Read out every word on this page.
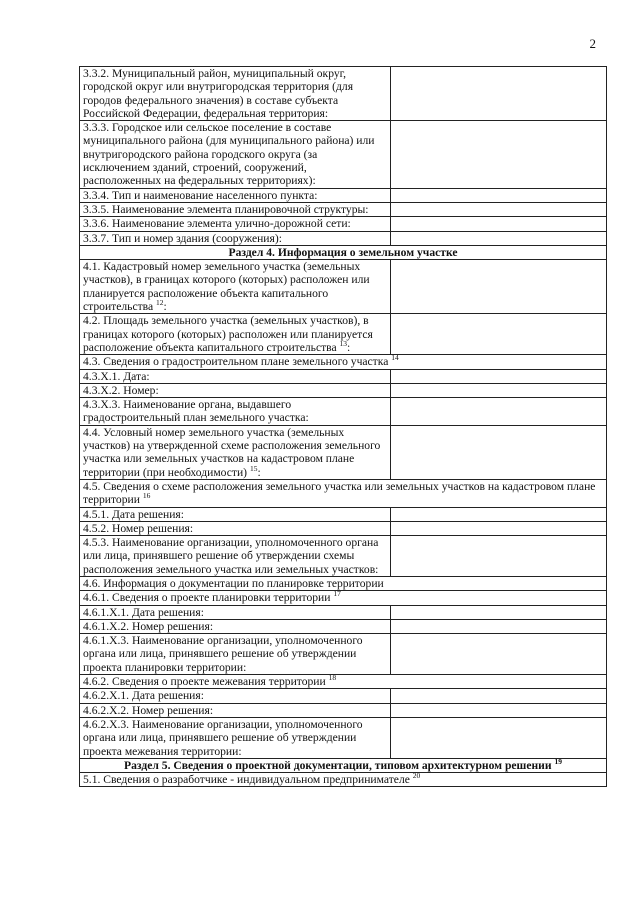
2
3.3.2. Муниципальный район, муниципальный округ, городской округ или внутригородская территория (для городов федерального значения) в составе субъекта Российской Федерации, федеральная территория:	
3.3.3. Городское или сельское поселение в составе муниципального района (для муниципального района) или внутригородского района городского округа (за исключением зданий, строений, сооружений, расположенных на федеральных территориях):	
3.3.4. Тип и наименование населенного пункта:	
3.3.5. Наименование элемента планировочной структуры:	
3.3.6. Наименование элемента улично-дорожной сети:	
3.3.7. Тип и номер здания (сооружения):	
Раздел 4. Информация о земельном участке	
4.1. Кадастровый номер земельного участка (земельных участков), в границах которого (которых) расположен или планируется расположение объекта капитального строительства $^{12}$:	
4.2. Площадь земельного участка (земельных участков), в границах которого (которых) расположен или планируется расположение объекта капитального строительства $^{13}$:	
4.3. Сведения о градостроительном плане земельного участка $^{14}$
4.3.Х.1. Дата:	
4.3.Х.2. Номер:	
4.3.Х.3. Наименование органа, выдавшего градостроительный план земельного участка:	
4.4. Условный номер земельного участка (земельных участков) на утвержденной схеме расположения земельного участка или земельных участков на кадастровом плане территории (при необходимости) $^{15}$:	
4.5. Сведения о схеме расположения земельного участка или земельных участков на кадастровом плане территории $^{16}$
4.5.1. Дата решения:	
4.5.2. Номер решения:	
4.5.3. Наименование организации, уполномоченного органа или лица, принявшего решение об утверждении схемы расположения земельного участка или земельных участков:	
4.6. Информация о документации по планировке территории	
4.6.1. Сведения о проекте планировки территории $^{17}$
4.6.1.Х.1. Дата решения:	
4.6.1.Х.2. Номер решения:	
4.6.1.Х.3. Наименование организации, уполномоченного органа или лица, принявшего решение об утверждении проекта планировки территории:	
4.6.2. Сведения о проекте межевания территории $^{18}$
4.6.2.Х.1. Дата решения:	
4.6.2.Х.2. Номер решения:	
4.6.2.Х.3. Наименование организации, уполномоченного органа или лица, принявшего решение об утверждении проекта межевания территории:	
Раздел 5. Сведения о проектной документации, типовом архитектурном решении $^{19}$
5.1. Сведения о разработчике - индивидуальном предпринимателе $^{20}$
